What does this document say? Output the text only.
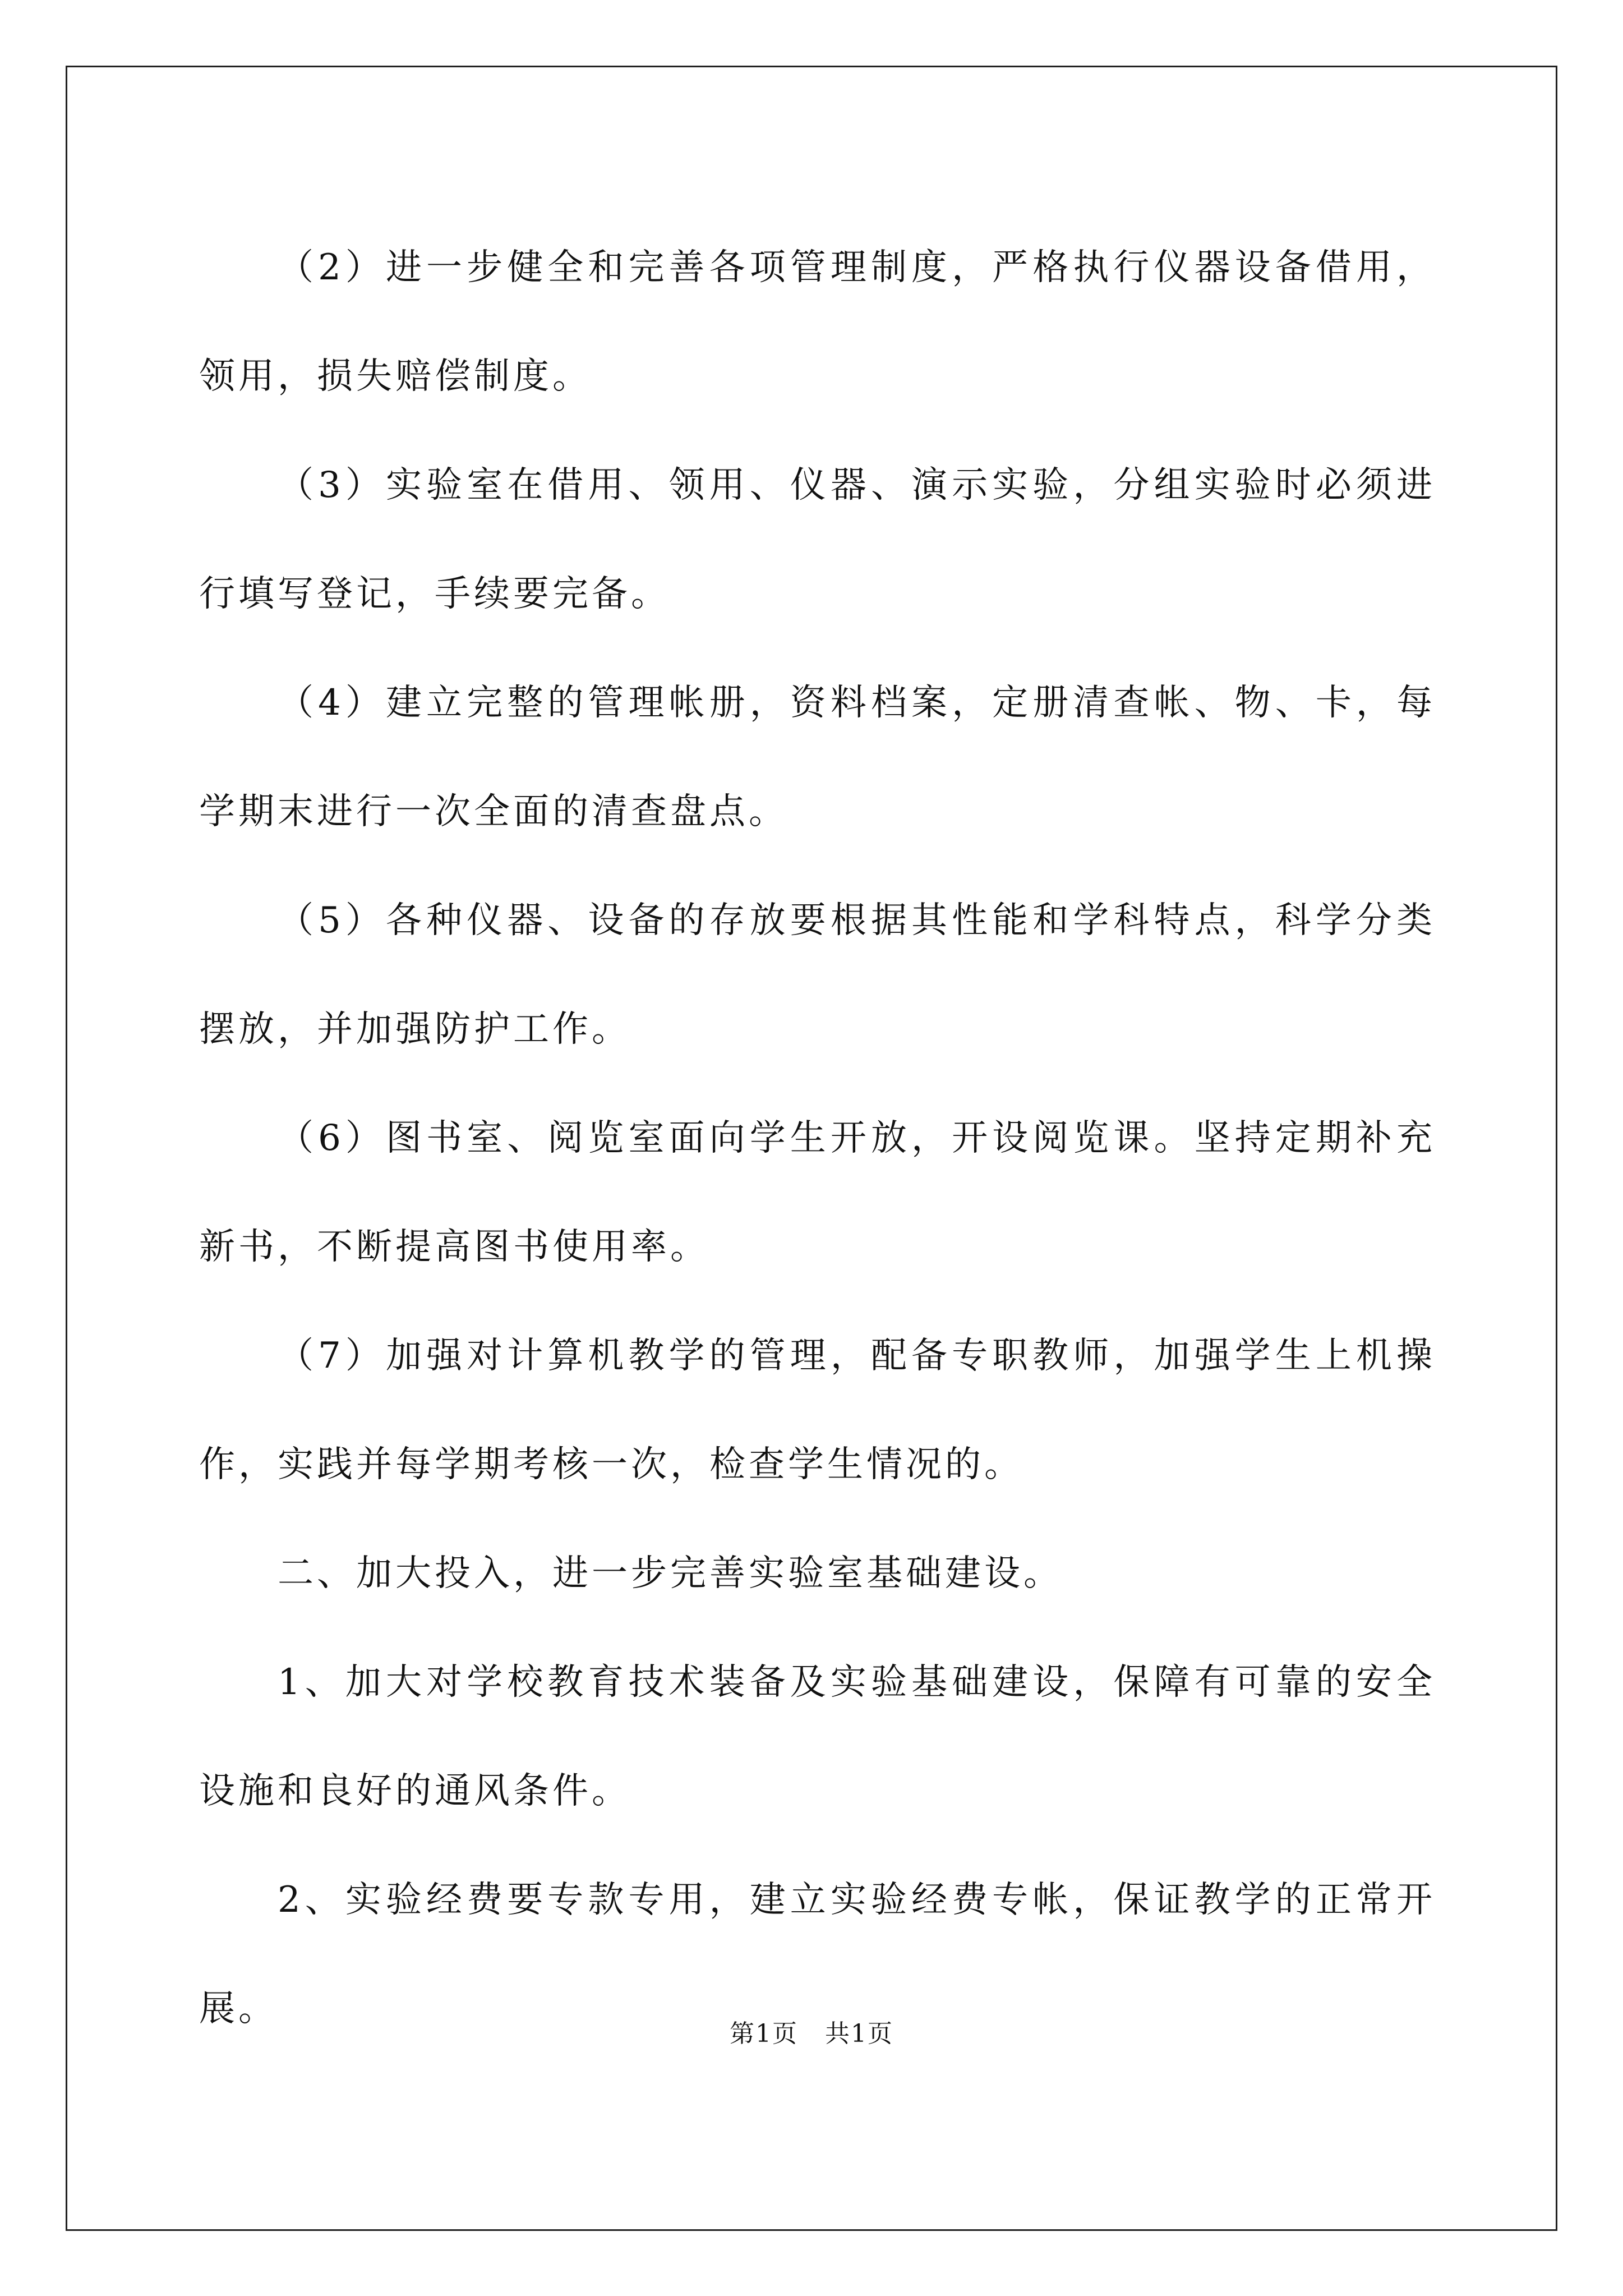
（2）进一步健全和完善各项管理制度，严格执行仪器设备借用，领用，损失赔偿制度。

（3）实验室在借用、领用、仪器、演示实验，分组实验时必须进行填写登记，手续要完备。

（4）建立完整的管理帐册，资料档案，定册清查帐、物、卡，每学期末进行一次全面的清查盘点。

（5）各种仪器、设备的存放要根据其性能和学科特点，科学分类摆放，并加强防护工作。

（6）图书室、阅览室面向学生开放，开设阅览课。坚持定期补充新书，不断提高图书使用率。

（7）加强对计算机教学的管理，配备专职教师，加强学生上机操作，实践并每学期考核一次，检查学生情况的。

二、加大投入，进一步完善实验室基础建设。

1、加大对学校教育技术装备及实验基础建设，保障有可靠的安全设施和良好的通风条件。

2、实验经费要专款专用，建立实验经费专帐，保证教学的正常开展。

第1页 共1页
